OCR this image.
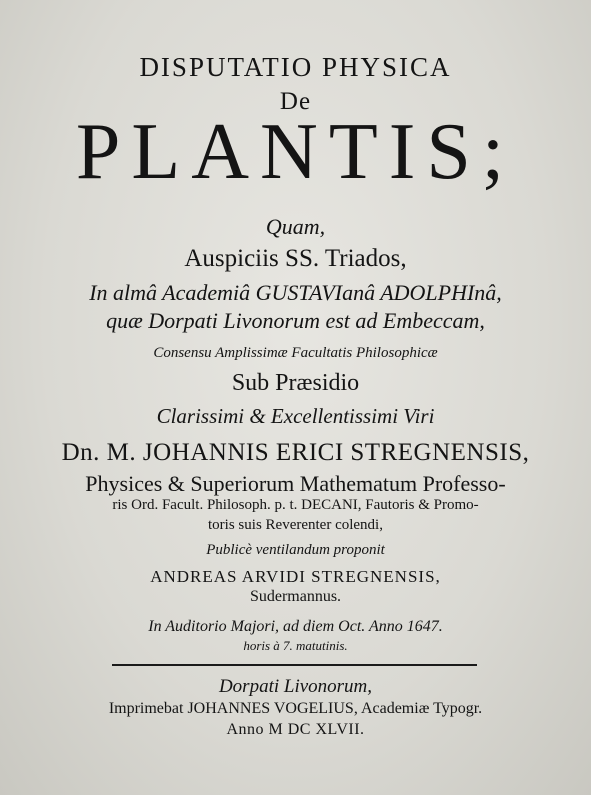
DISPUTATIO PHYSICA
De
PLANTIS;
Quam,
Auspiciis SS. Triados,
In almâ Academiâ GUSTAVIanâ ADOLPHInâ,
quæ Dorpati Livonorum est ad Embeccam,
Consensu Amplissimæ Facultatis Philosophicæ
Sub Præsidio
Clarissimi & Excellentissimi Viri
Dn. M. JOHANNIS ERICI STREGNENSIS,
Physices & Superiorum Mathematum Professo-
ris Ord. Facult. Philosoph. p. t. DECANI, Fautoris & Promo-
toris suis Reverenter colendi,
Publicè ventilandum proponit
ANDREAS ARVIDI STREGNENSIS,
Sudermannus.
In Auditorio Majori, ad diem Oct. Anno 1647.
horis à 7. matutinis.
Dorpati Livonorum,
Imprimebat JOHANNES VOGELIUS, Academiæ Typogr.
Anno M DC XLVII.
